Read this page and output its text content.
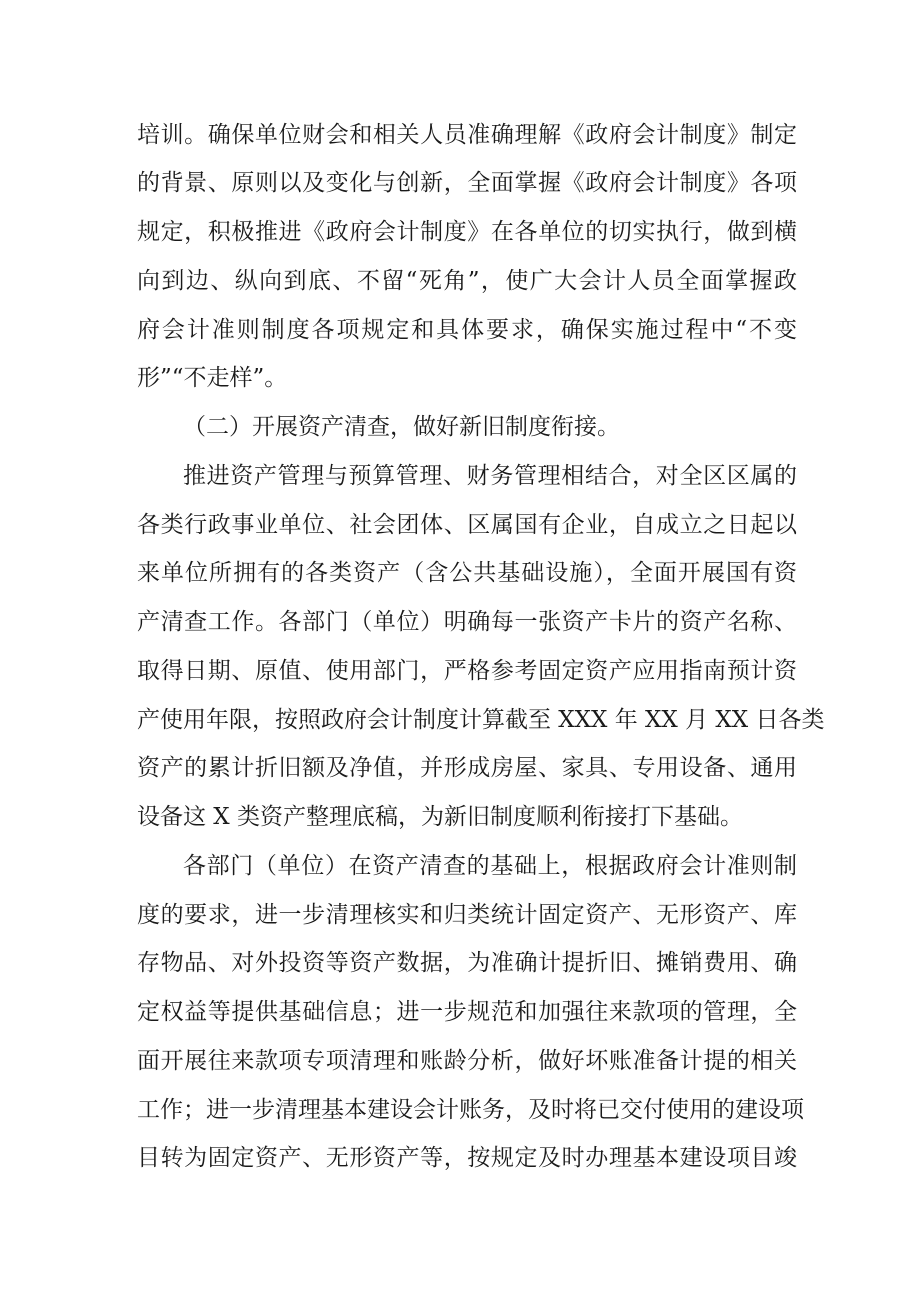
培训。确保单位财会和相关人员准确理解《政府会计制度》制定
的背景、原则以及变化与创新，全面掌握《政府会计制度》各项
规定，积极推进《政府会计制度》在各单位的切实执行，做到横
向到边、纵向到底、不留“死角”，使广大会计人员全面掌握政
府会计准则制度各项规定和具体要求，确保实施过程中“不变
形”“不走样”。
（二）开展资产清查，做好新旧制度衔接。
推进资产管理与预算管理、财务管理相结合，对全区区属的
各类行政事业单位、社会团体、区属国有企业，自成立之日起以
来单位所拥有的各类资产（含公共基础设施），全面开展国有资
产清查工作。各部门（单位）明确每一张资产卡片的资产名称、
取得日期、原值、使用部门，严格参考固定资产应用指南预计资
产使用年限，按照政府会计制度计算截至 XXX 年 XX 月 XX 日各类
资产的累计折旧额及净值，并形成房屋、家具、专用设备、通用
设备这 X 类资产整理底稿，为新旧制度顺利衔接打下基础。
各部门（单位）在资产清查的基础上，根据政府会计准则制
度的要求，进一步清理核实和归类统计固定资产、无形资产、库
存物品、对外投资等资产数据，为准确计提折旧、摊销费用、确
定权益等提供基础信息；进一步规范和加强往来款项的管理，全
面开展往来款项专项清理和账龄分析，做好坏账准备计提的相关
工作；进一步清理基本建设会计账务，及时将已交付使用的建设项
目转为固定资产、无形资产等，按规定及时办理基本建设项目竣
